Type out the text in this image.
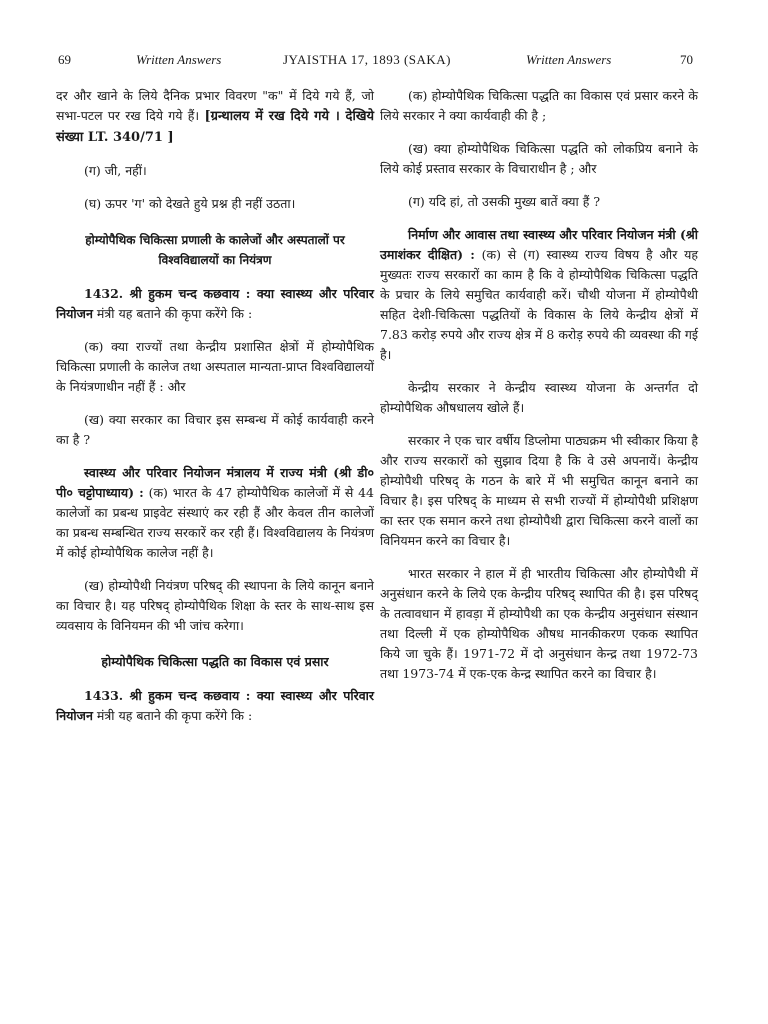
69	Written Answers	JYAISTHA 17, 1893 (SAKA)	Written Answers	70

दर और खाने के लिये दैनिक प्रभार विवरण "क" में दिये गये हैं, जो सभा-पटल पर रख दिये गये हैं। [ग्रन्थालय में रख दिये गये । देखिये संख्या LT. 340/71 ]

(ग) जी, नहीं।

(घ) ऊपर 'ग' को देखते हुये प्रश्न ही नहीं उठता।

होम्योपैथिक चिकित्सा प्रणाली के कालेजों और अस्पतालों पर विश्वविद्यालयों का नियंत्रण

1432. श्री हुकम चन्द कछवाय : क्या स्वास्थ्य और परिवार नियोजन मंत्री यह बताने की कृपा करेंगे कि :

(क) क्या राज्यों तथा केन्द्रीय प्रशासित क्षेत्रों में होम्योपैथिक चिकित्सा प्रणाली के कालेज तथा अस्पताल मान्यता-प्राप्त विश्वविद्यालयों के नियंत्रणाधीन नहीं हैं : और

(ख) क्या सरकार का विचार इस सम्बन्ध में कोई कार्यवाही करने का है ?

स्वास्थ्य और परिवार नियोजन मंत्रालय में राज्य मंत्री (श्री डी० पी० चट्टोपाध्याय) : (क) भारत के 47 होम्योपैथिक कालेजों में से 44 कालेजों का प्रबन्ध प्राइवेट संस्थाएं कर रही हैं और केवल तीन कालेजों का प्रबन्ध सम्बन्धित राज्य सरकारें कर रही हैं। विश्वविद्यालय के नियंत्रण में कोई होम्योपैथिक कालेज नहीं है।

(ख) होम्योपैथी नियंत्रण परिषद् की स्थापना के लिये कानून बनाने का विचार है। यह परिषद् होम्योपैथिक शिक्षा के स्तर के साथ-साथ इस व्यवसाय के विनियमन की भी जांच करेगा।

होम्योपैथिक चिकित्सा पद्धति का विकास एवं प्रसार

1433. श्री हुकम चन्द कछवाय : क्या स्वास्थ्य और परिवार नियोजन मंत्री यह बताने की कृपा करेंगे कि :

(क) होम्योपैथिक चिकित्सा पद्धति का विकास एवं प्रसार करने के लिये सरकार ने क्या कार्यवाही की है ;

(ख) क्या होम्योपैथिक चिकित्सा पद्धति को लोकप्रिय बनाने के लिये कोई प्रस्ताव सरकार के विचाराधीन है ; और

(ग) यदि हां, तो उसकी मुख्य बातें क्या हैं ?

निर्माण और आवास तथा स्वास्थ्य और परिवार नियोजन मंत्री (श्री उमाशंकर दीक्षित) : (क) से (ग) स्वास्थ्य राज्य विषय है और यह मुख्यतः राज्य सरकारों का काम है कि वे होम्योपैथिक चिकित्सा पद्धति के प्रचार के लिये समुचित कार्यवाही करें। चौथी योजना में होम्योपैथी सहित देशी-चिकित्सा पद्धतियों के विकास के लिये केन्द्रीय क्षेत्रों में 7.83 करोड़ रुपये और राज्य क्षेत्र में 8 करोड़ रुपये की व्यवस्था की गई है।

केन्द्रीय सरकार ने केन्द्रीय स्वास्थ्य योजना के अन्तर्गत दो होम्योपैथिक औषधालय खोले हैं।

सरकार ने एक चार वर्षीय डिप्लोमा पाठ्यक्रम भी स्वीकार किया है और राज्य सरकारों को सुझाव दिया है कि वे उसे अपनायें। केन्द्रीय होम्योपैथी परिषद् के गठन के बारे में भी समुचित कानून बनाने का विचार है। इस परिषद् के माध्यम से सभी राज्यों में होम्योपैथी प्रशिक्षण का स्तर एक समान करने तथा होम्योपैथी द्वारा चिकित्सा करने वालों का विनियमन करने का विचार है।

भारत सरकार ने हाल में ही भारतीय चिकित्सा और होम्योपैथी में अनुसंधान करने के लिये एक केन्द्रीय परिषद् स्थापित की है। इस परिषद् के तत्वावधान में हावड़ा में होम्योपैथी का एक केन्द्रीय अनुसंधान संस्थान तथा दिल्ली में एक होम्योपैथिक औषध मानकीकरण एकक स्थापित किये जा चुके हैं। 1971-72 में दो अनुसंधान केन्द्र तथा 1972-73 तथा 1973-74 में एक-एक केन्द्र स्थापित करने का विचार है।
